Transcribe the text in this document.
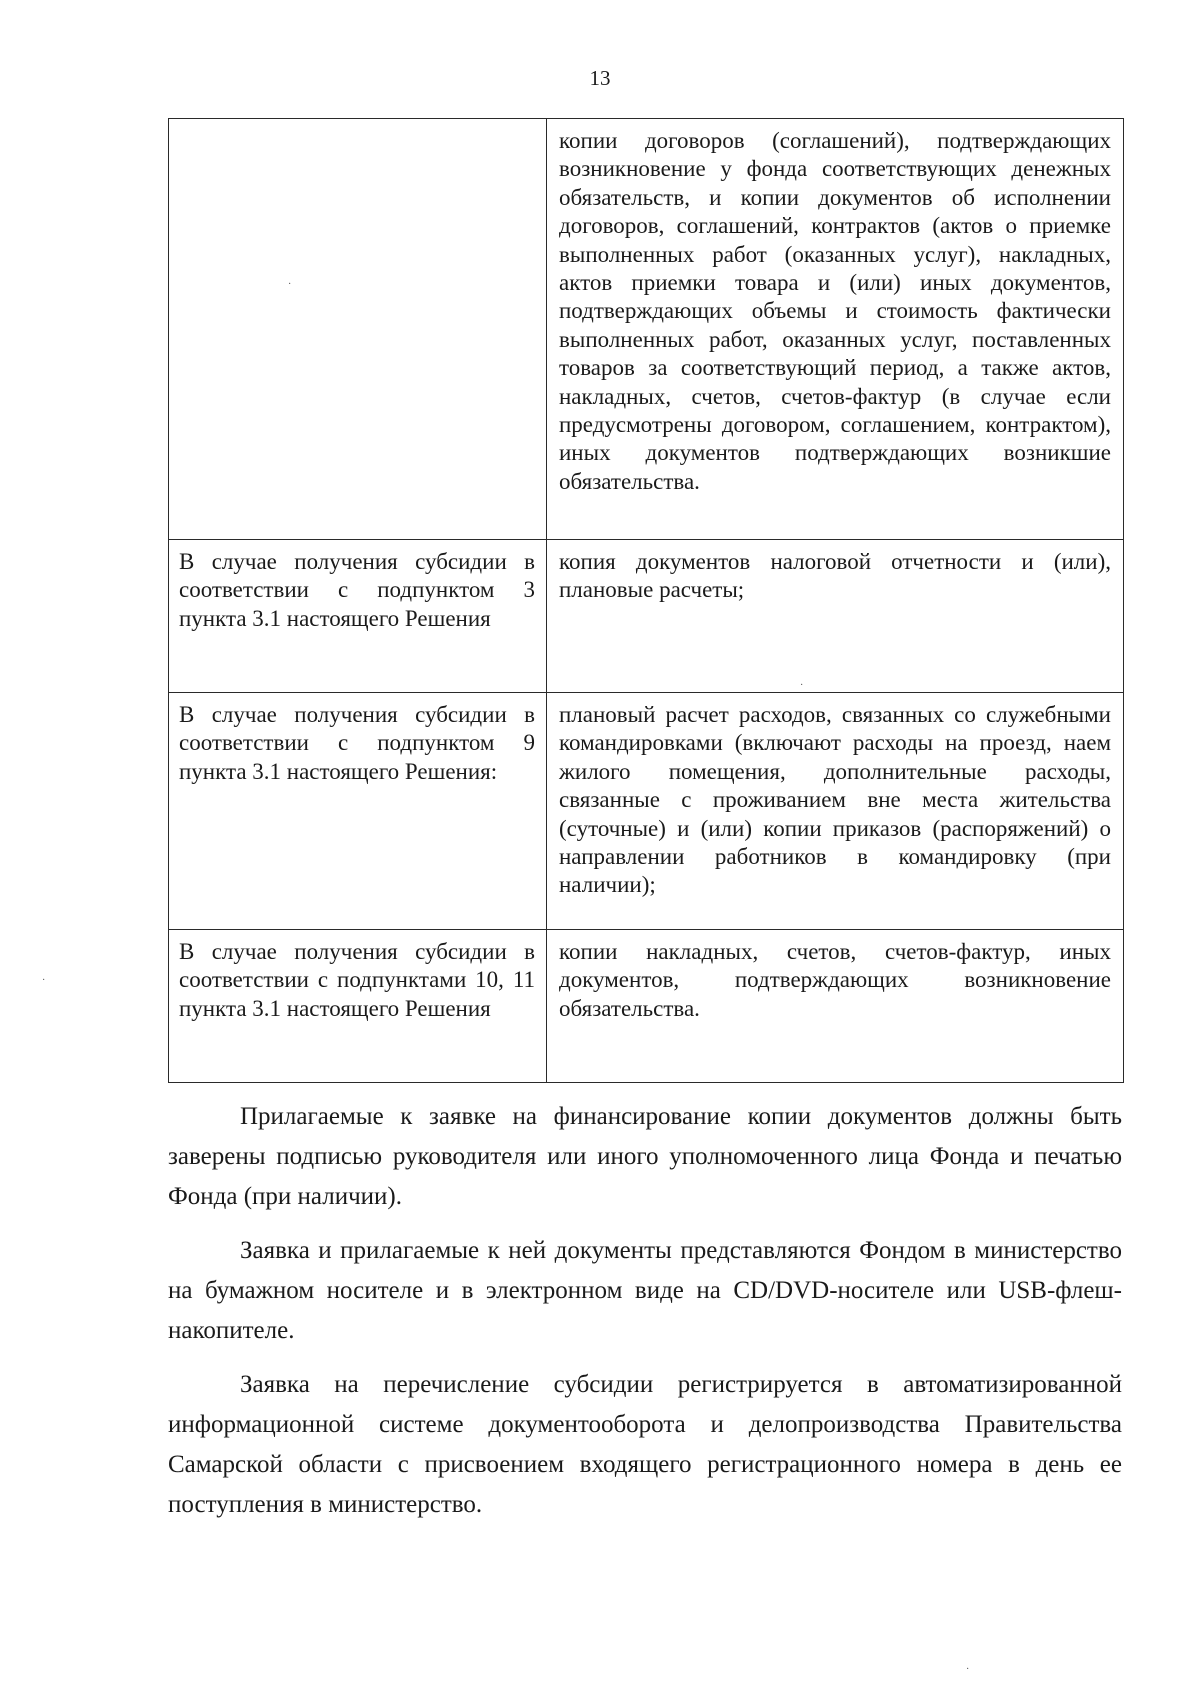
13
	копии договоров (соглашений), подтверждающих возникновение у фонда соответствующих денежных обязательств, и копии документов об исполнении договоров, соглашений, контрактов (актов о приемке выполненных работ (оказанных услуг), накладных, актов приемки товара и (или) иных документов, подтверждающих объемы и стоимость фактически выполненных работ, оказанных услуг, поставленных товаров за соответствующий период, а также актов, накладных, счетов, счетов-фактур (в случае если предусмотрены договором, соглашением, контрактом), иных документов подтверждающих возникшие обязательства.
В случае получения субсидии в соответствии с подпунктом 3 пункта 3.1 настоящего Решения	копия документов налоговой отчетности и (или), плановые расчеты;
В случае получения субсидии в соответствии с подпунктом 9 пункта 3.1 настоящего Решения:	плановый расчет расходов, связанных со служебными командировками (включают расходы на проезд, наем жилого помещения, дополнительные расходы, связанные с проживанием вне места жительства (суточные) и (или) копии приказов (распоряжений) о направлении работников в командировку (при наличии);
В случае получения субсидии в соответствии с подпунктами 10, 11 пункта 3.1 настоящего Решения	копии накладных, счетов, счетов-фактур, иных документов, подтверждающих возникновение обязательства.
·
·
·
·

Прилагаемые к заявке на финансирование копии документов должны быть заверены подписью руководителя или иного уполномоченного лица Фонда и печатью Фонда (при наличии).

Заявка и прилагаемые к ней документы представляются Фондом в министерство на бумажном носителе и в электронном виде на CD/DVD-носителе или USB-флеш-накопителе.

Заявка на перечисление субсидии регистрируется в автоматизированной информационной системе документооборота и делопроизводства Правительства Самарской области с присвоением входящего регистрационного номера в день ее поступления в министерство.
